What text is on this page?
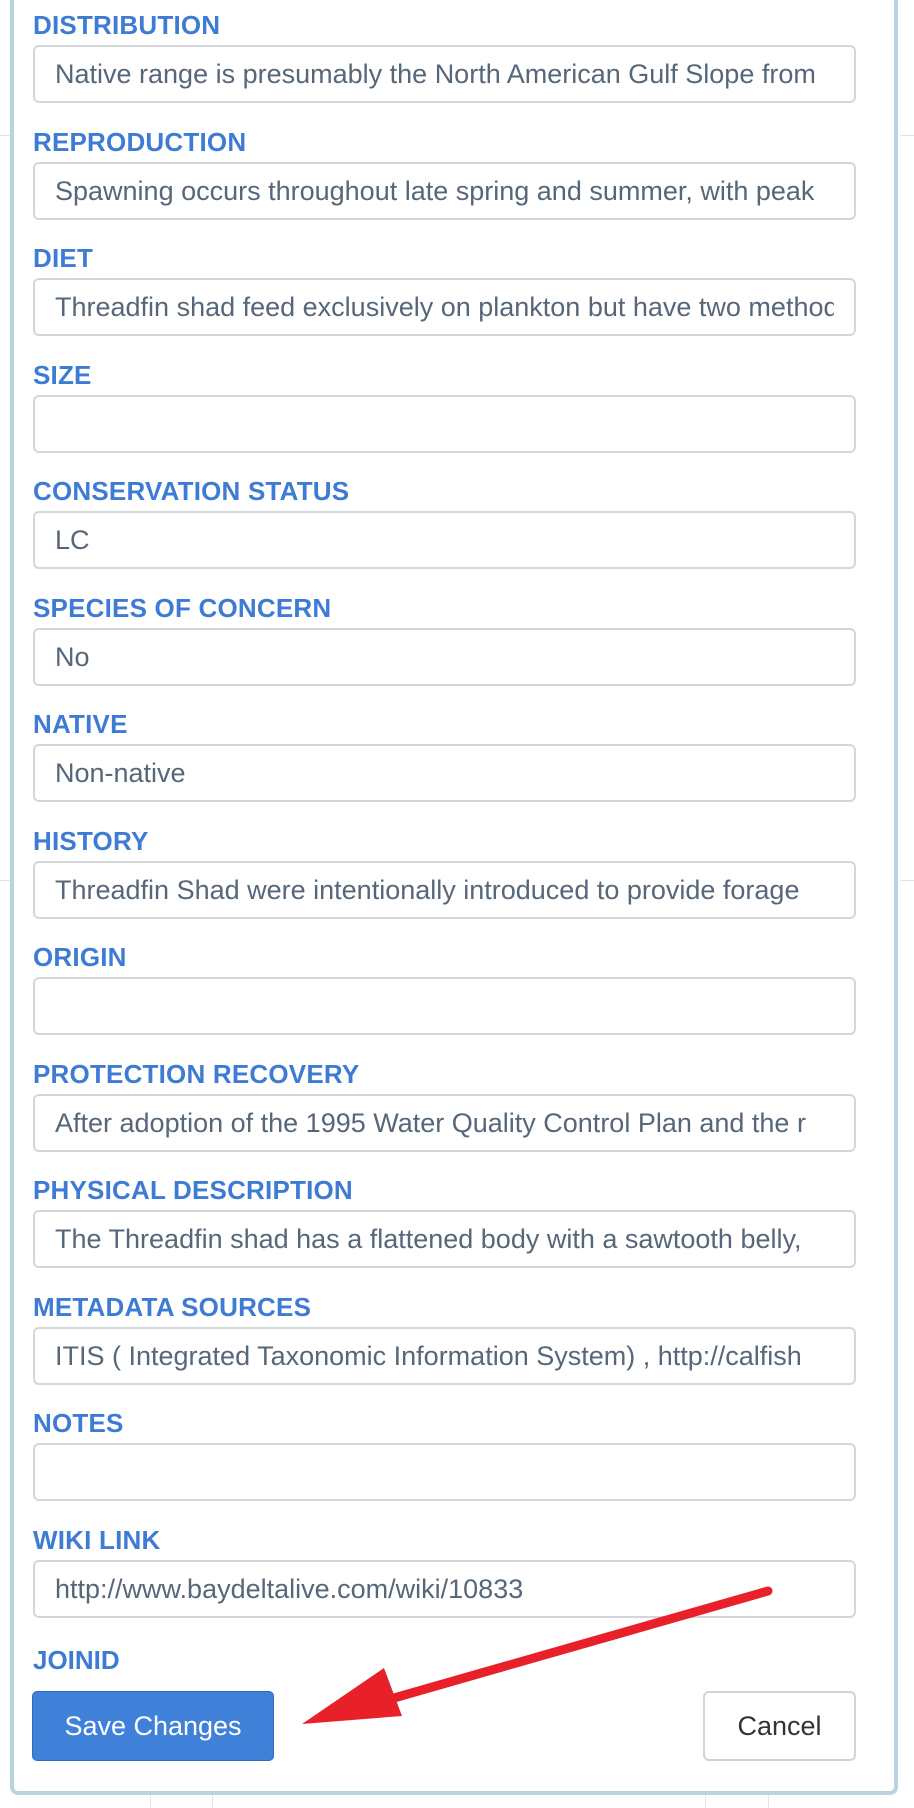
DISTRIBUTION
Native range is presumably the North American Gulf Slope from
REPRODUCTION
Spawning occurs throughout late spring and summer, with peak
DIET
Threadfin shad feed exclusively on plankton but have two methods
SIZE
CONSERVATION STATUS
LC
SPECIES OF CONCERN
No
NATIVE
Non-native
HISTORY
Threadfin Shad were intentionally introduced to provide forage
ORIGIN
PROTECTION RECOVERY
After adoption of the 1995 Water Quality Control Plan and the r
PHYSICAL DESCRIPTION
The Threadfin shad has a flattened body with a sawtooth belly,
METADATA SOURCES
ITIS ( Integrated Taxonomic Information System) , http://calfish
NOTES
WIKI LINK
http://www.baydeltalive.com/wiki/10833
JOINID
Save Changes	Cancel
